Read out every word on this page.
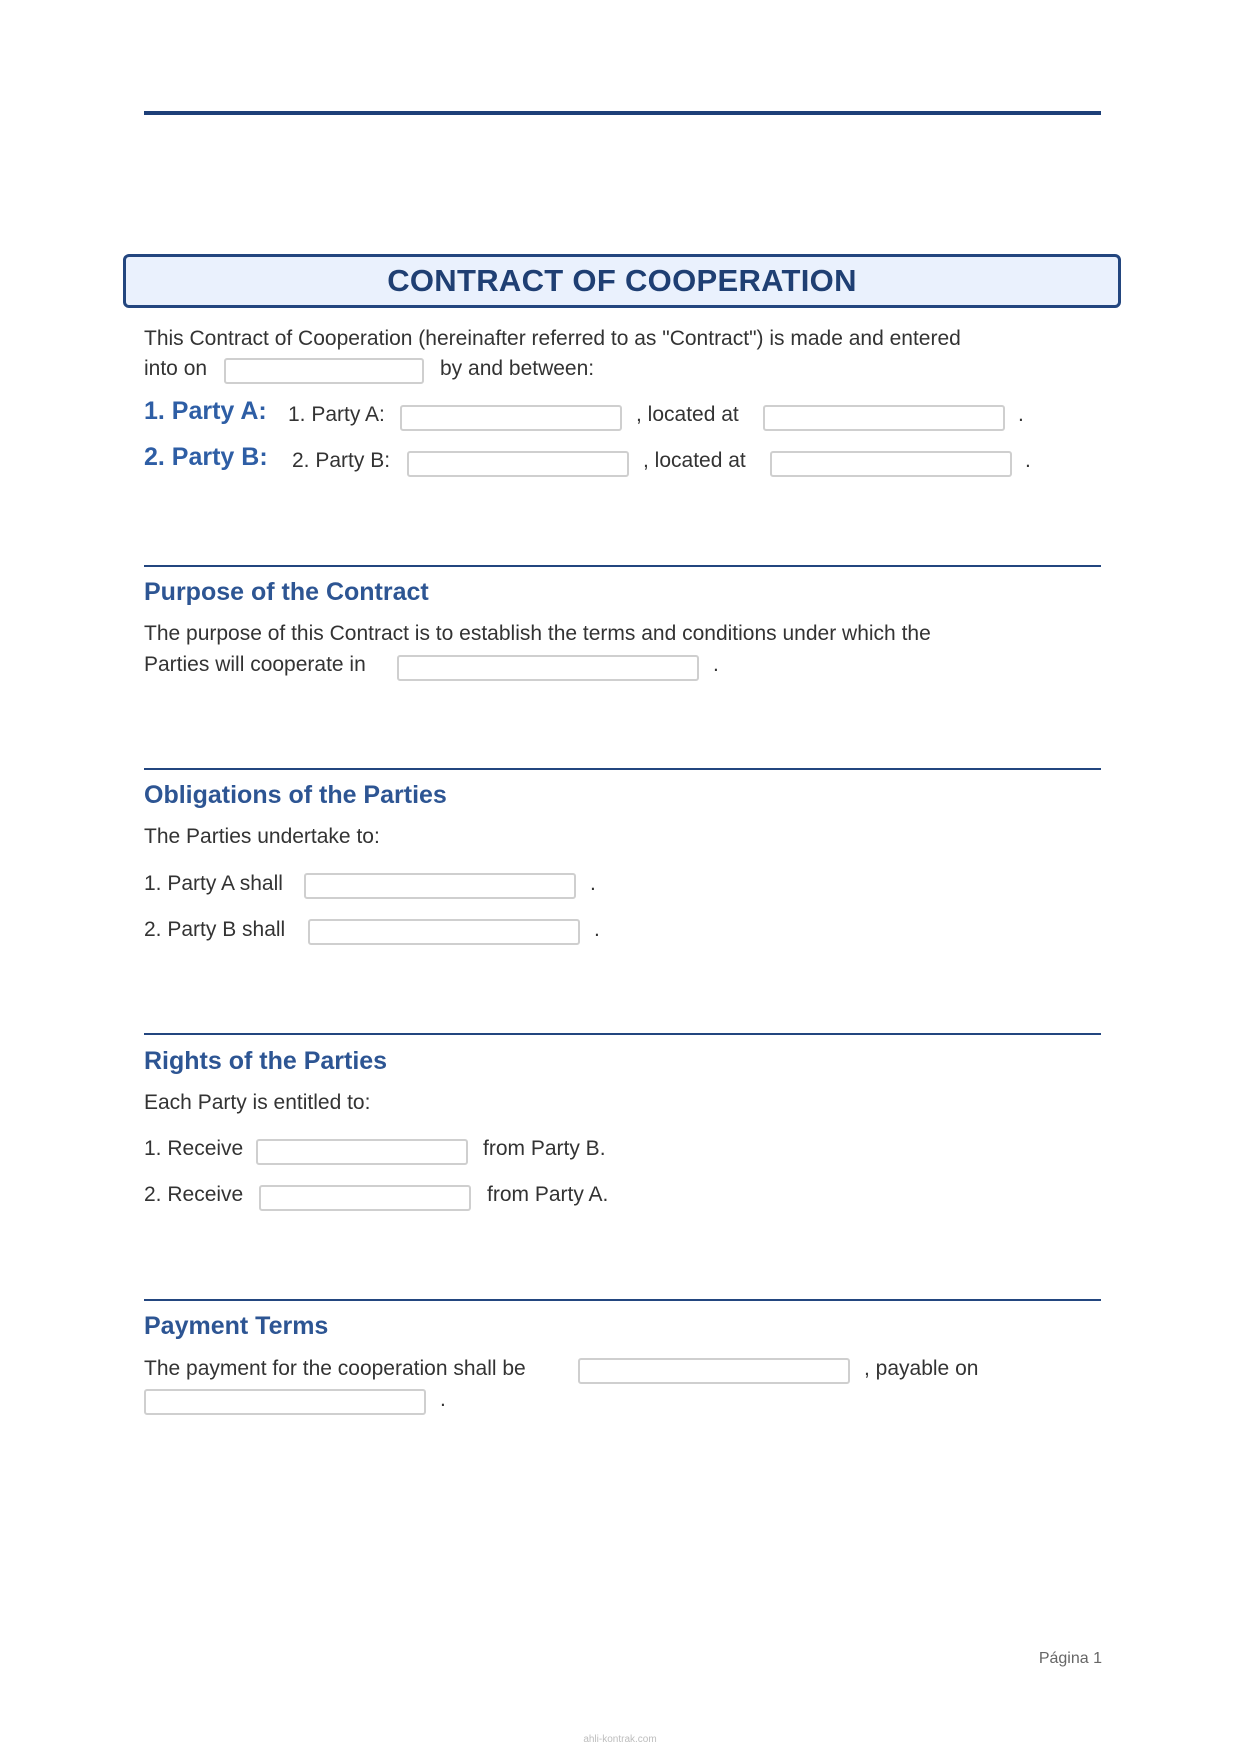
CONTRACT OF COOPERATION
This Contract of Cooperation (hereinafter referred to as "Contract") is made and entered
into on	by and between:
1. Party A: 1. Party A:	, located at	.
2. Party B: 2. Party B:	, located at	.
Purpose of the Contract
The purpose of this Contract is to establish the terms and conditions under which the
Parties will cooperate in	.
Obligations of the Parties
The Parties undertake to:
1. Party A shall	.
2. Party B shall	.
Rights of the Parties
Each Party is entitled to:
1. Receive	from Party B.
2. Receive	from Party A.
Payment Terms
The payment for the cooperation shall be	, payable on
.
Página 1
ahli-kontrak.com
